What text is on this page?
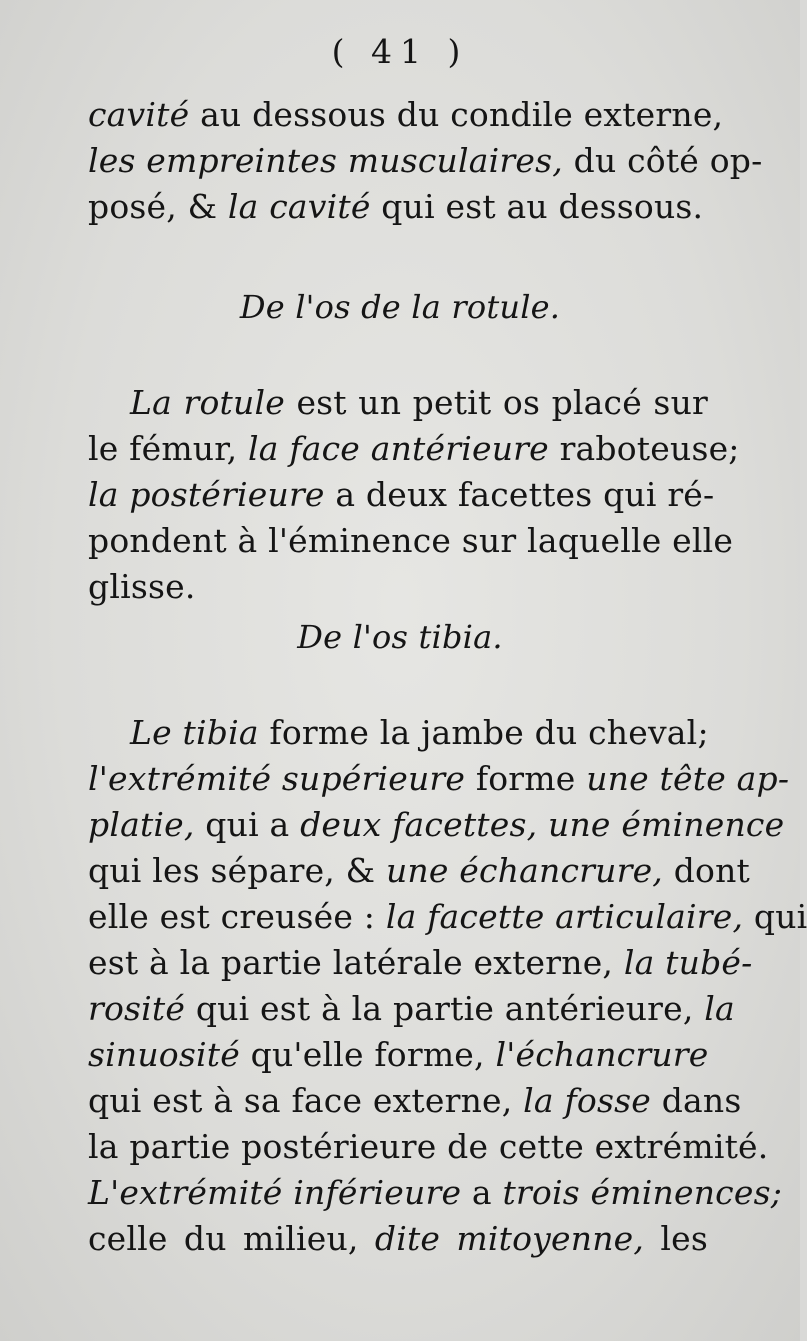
( 41 )
cavité au dessous du condile externe,
les empreintes musculaires, du côté op-
posé, & la cavité qui est au dessous.
De l'os de la rotule.
La rotule est un petit os placé sur
le fémur, la face antérieure raboteuse;
la postérieure a deux facettes qui ré-
pondent à l'éminence sur laquelle elle
glisse.
De l'os tibia.
Le tibia forme la jambe du cheval;
l'extrémité supérieure forme une tête ap-
platie, qui a deux facettes, une éminence
qui les sépare, & une échancrure, dont
elle est creusée : la facette articulaire, qui
est à la partie latérale externe, la tubé-
rosité qui est à la partie antérieure, la
sinuosité qu'elle forme, l'échancrure
qui est à sa face externe, la fosse dans
la partie postérieure de cette extrémité.
L'extrémité inférieure a trois éminences;
celle du milieu, dite mitoyenne, les
